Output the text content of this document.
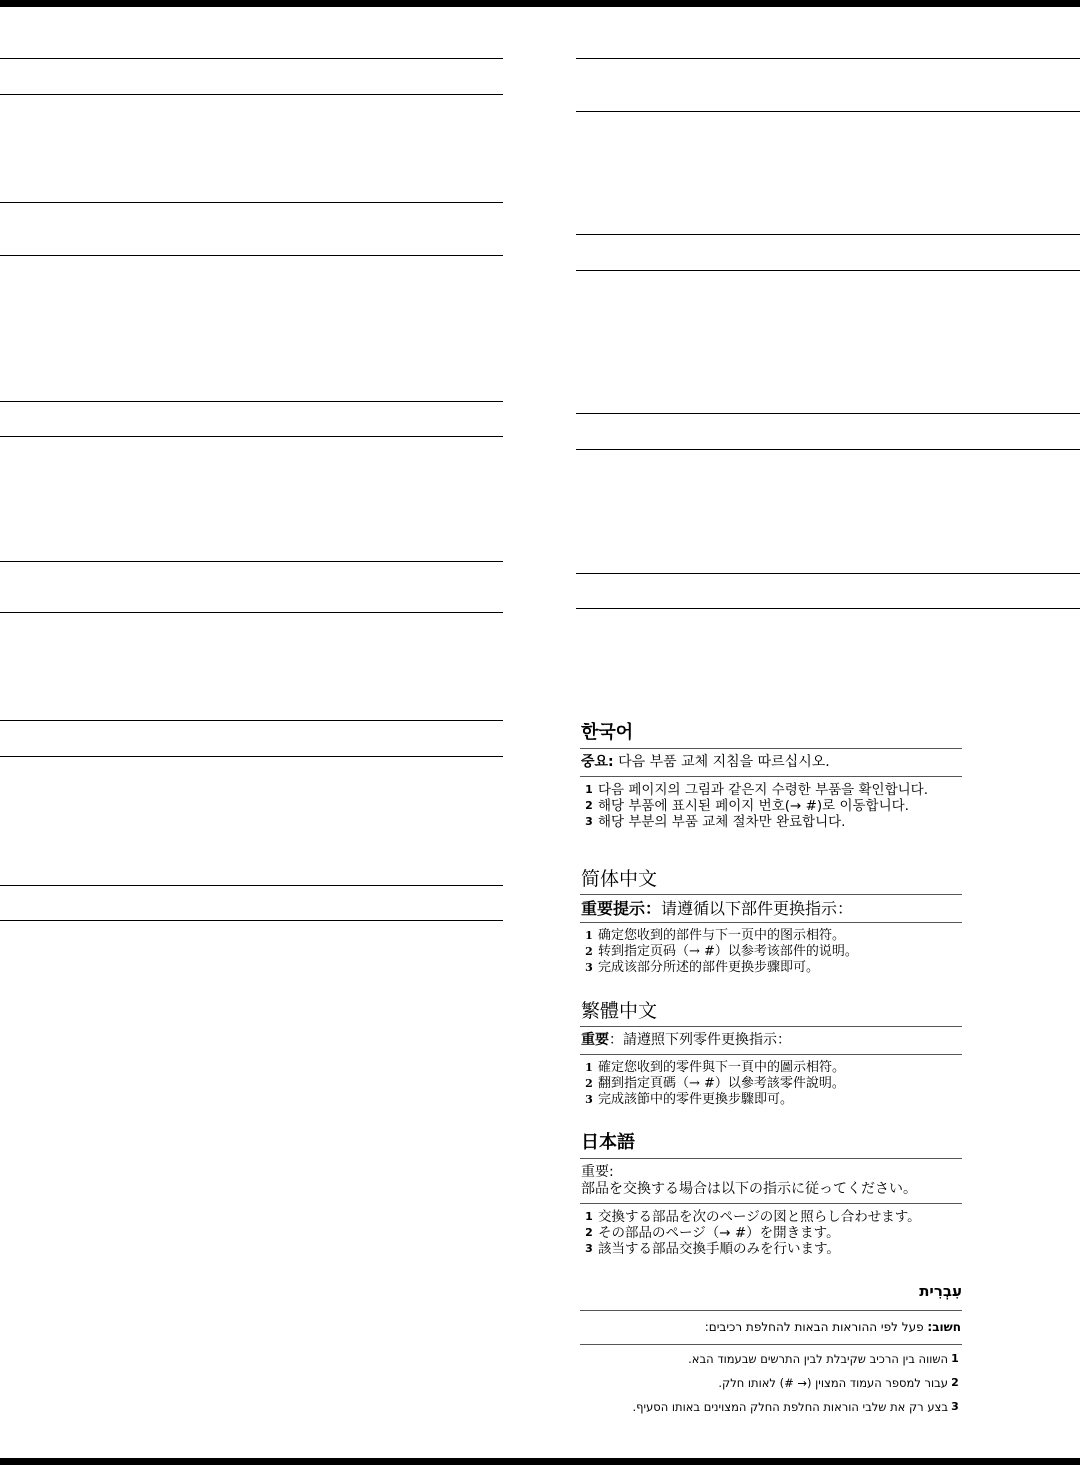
한국어
중요: 다음 부품 교체 지침을 따르십시오.
1 다음 페이지의 그림과 같은지 수령한 부품을 확인합니다.
2 해당 부품에 표시된 페이지 번호(→ #)로 이동합니다.
3 해당 부분의 부품 교체 절차만 완료합니다.
简体中文
重要提示：请遵循以下部件更换指示：
1 确定您收到的部件与下一页中的图示相符。
2 转到指定页码（→ #）以参考该部件的说明。
3 完成该部分所述的部件更换步骤即可。
繁體中文
重要：請遵照下列零件更換指示：
1 確定您收到的零件與下一頁中的圖示相符。
2 翻到指定頁碼（→ #）以參考該零件說明。
3 完成該節中的零件更換步驟即可。
日本語
重要:
部品を交換する場合は以下の指示に従ってください。
1 交換する部品を次のページの図と照らし合わせます。
2 その部品のページ（→ #）を開きます。
3 該当する部品交換手順のみを行います。
עִבְרִית
חשוב: פעל לפי ההוראות הבאות להחלפת רכיבים:
1
השווה בין הרכיב שקיבלת לבין התרשים שבעמוד הבא.
2
עבור למספר העמוד המצוין (→ #) לאותו חלק.
3
בצע רק את שלבי הוראות החלפת החלק המצוינים באותו הסעיף.
